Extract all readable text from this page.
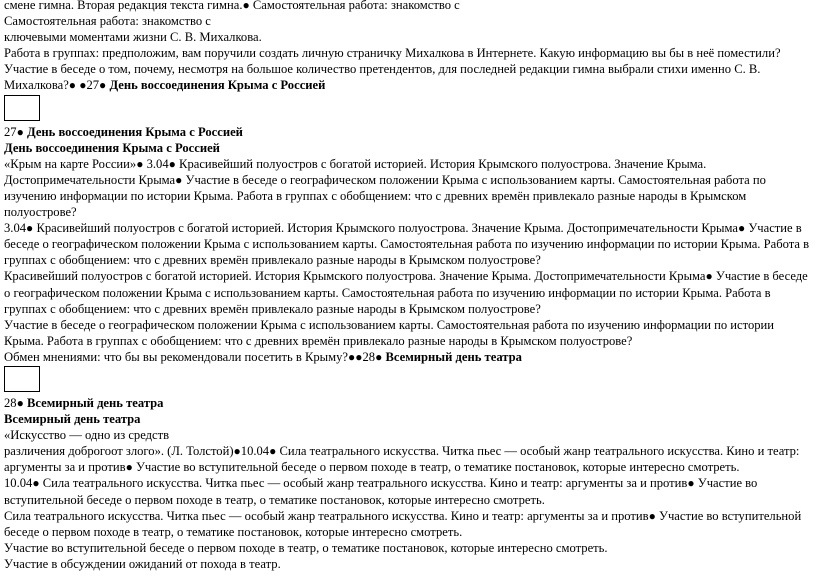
смене гимна. Вторая редакция текста гимна.● Самостоятельная работа: знакомство с

Самостоятельная работа: знакомство с

ключевыми моментами жизни С. В. Михалкова.

Работа в группах: предположим, вам поручили создать личную страничку Михалкова в Интернете. Какую информацию вы бы в неё поместили?

Участие в беседе о том, почему, несмотря на большое количество претендентов, для последней редакции гимна выбрали стихи именно С. В. Михалкова?● ●27● День воссоединения Крыма с Россией

27● День воссоединения Крыма с Россией

День воссоединения Крыма с Россией

«Крым на карте России»● 3.04● Красивейший полуостров с богатой историей. История Крымского полуострова. Значение Крыма. Достопримечательности Крыма● Участие в беседе о географическом положении Крыма с использованием карты. Самостоятельная работа по изучению информации по истории Крыма. Работа в группах с обобщением: что с древних времён привлекало разные народы в Крымском полуострове?

3.04● Красивейший полуостров с богатой историей. История Крымского полуострова. Значение Крыма. Достопримечательности Крыма● Участие в беседе о географическом положении Крыма с использованием карты. Самостоятельная работа по изучению информации по истории Крыма. Работа в группах с обобщением: что с древних времён привлекало разные народы в Крымском полуострове?

Красивейший полуостров с богатой историей. История Крымского полуострова. Значение Крыма. Достопримечательности Крыма● Участие в беседе о географическом положении Крыма с использованием карты. Самостоятельная работа по изучению информации по истории Крыма. Работа в группах с обобщением: что с древних времён привлекало разные народы в Крымском полуострове?

Участие в беседе о географическом положении Крыма с использованием карты. Самостоятельная работа по изучению информации по истории Крыма. Работа в группах с обобщением: что с древних времён привлекало разные народы в Крымском полуострове?

Обмен мнениями: что бы вы рекомендовали посетить в Крыму?●●28● Всемирный день театра

28● Всемирный день театра

Всемирный день театра

«Искусство — одно из средств

различения доброгоот злого». (Л. Толстой)●10.04● Сила театрального искусства. Читка пьес — особый жанр театрального искусства. Кино и театр: аргументы за и против● Участие во вступительной беседе о первом походе в театр, о тематике постановок, которые интересно смотреть.

10.04● Сила театрального искусства. Читка пьес — особый жанр театрального искусства. Кино и театр: аргументы за и против● Участие во вступительной беседе о первом походе в театр, о тематике постановок, которые интересно смотреть.

Сила театрального искусства. Читка пьес — особый жанр театрального искусства. Кино и театр: аргументы за и против● Участие во вступительной беседе о первом походе в театр, о тематике постановок, которые интересно смотреть.

Участие во вступительной беседе о первом походе в театр, о тематике постановок, которые интересно смотреть.

Участие в обсуждении ожиданий от похода в театр.
